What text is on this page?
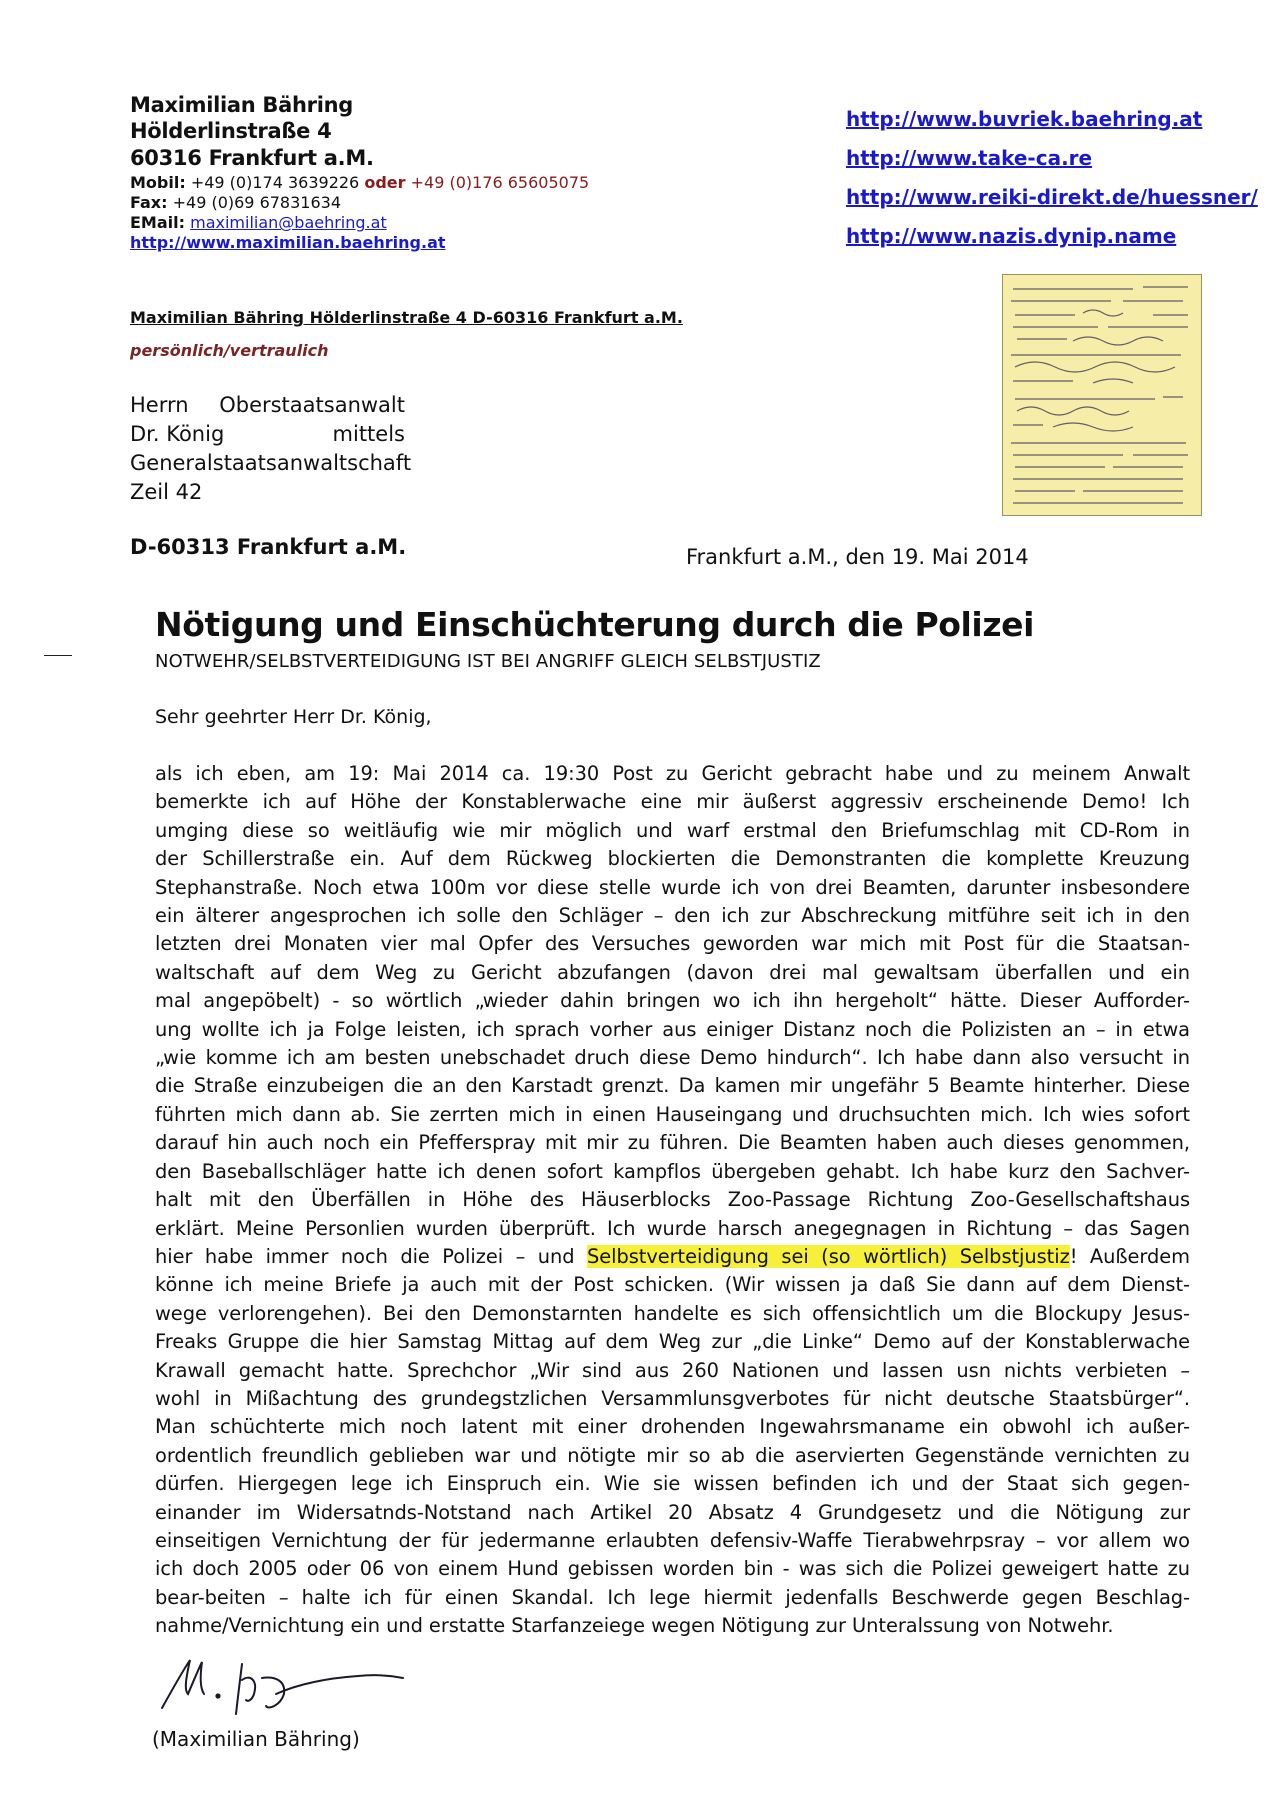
Maximilian Bähring
Hölderlinstraße 4
60316 Frankfurt a.M.
Mobil: +49 (0)174 3639226 oder +49 (0)176 65605075
Fax: +49 (0)69 67831634
EMail: maximilian@baehring.at
http://www.maximilian.baehring.at
http://www.buvriek.baehring.at
http://www.take-ca.re
http://www.reiki-direkt.de/huessner/
http://www.nazis.dynip.name
Maximilian Bähring Hölderlinstraße 4 D-60316 Frankfurt a.M.
persönlich/vertraulich
Herrn Oberstaatsanwalt
Dr. König	mittels
Generalstaatsanwaltschaft
Zeil 42
D-60313 Frankfurt a.M.	Frankfurt a.M., den 19. Mai 2014
Nötigung und Einschüchterung durch die Polizei
NOTWEHR/SELBSTVERTEIDIGUNG IST BEI ANGRIFF GLEICH SELBSTJUSTIZ
Sehr geehrter Herr Dr. König,
als ich eben, am 19: Mai 2014 ca. 19:30 Post zu Gericht gebracht habe und zu meinem Anwalt
bemerkte ich auf Höhe der Konstablerwache eine mir äußerst aggressiv erscheinende Demo! Ich
umging diese so weitläufig wie mir möglich und warf erstmal den Briefumschlag mit CD-Rom in
der Schillerstraße ein. Auf dem Rückweg blockierten die Demonstranten die komplette Kreuzung
Stephanstraße. Noch etwa 100m vor diese stelle wurde ich von drei Beamten, darunter insbesondere
ein älterer angesprochen ich solle den Schläger – den ich zur Abschreckung mitführe seit ich in den
letzten drei Monaten vier mal Opfer des Versuches geworden war mich mit Post für die Staatsan-
waltschaft auf dem Weg zu Gericht abzufangen (davon drei mal gewaltsam überfallen und ein
mal angepöbelt) - so wörtlich „wieder dahin bringen wo ich ihn hergeholt“ hätte. Dieser Aufforder-
ung wollte ich ja Folge leisten, ich sprach vorher aus einiger Distanz noch die Polizisten an – in etwa
„wie komme ich am besten unebschadet druch diese Demo hindurch“. Ich habe dann also versucht in
die Straße einzubeigen die an den Karstadt grenzt. Da kamen mir ungefähr 5 Beamte hinterher. Diese
führten mich dann ab. Sie zerrten mich in einen Hauseingang und druchsuchten mich. Ich wies sofort
darauf hin auch noch ein Pfefferspray mit mir zu führen. Die Beamten haben auch dieses genommen,
den Baseballschläger hatte ich denen sofort kampflos übergeben gehabt. Ich habe kurz den Sachver-
halt mit den Überfällen in Höhe des Häuserblocks Zoo-Passage Richtung Zoo-Gesellschaftshaus
erklärt. Meine Personlien wurden überprüft. Ich wurde harsch anegegnagen in Richtung – das Sagen
hier habe immer noch die Polizei – und Selbstverteidigung sei (so wörtlich) Selbstjustiz! Außerdem
könne ich meine Briefe ja auch mit der Post schicken. (Wir wissen ja daß Sie dann auf dem Dienst-
wege verlorengehen). Bei den Demonstarnten handelte es sich offensichtlich um die Blockupy Jesus-
Freaks Gruppe die hier Samstag Mittag auf dem Weg zur „die Linke“ Demo auf der Konstablerwache
Krawall gemacht hatte. Sprechchor „Wir sind aus 260 Nationen und lassen usn nichts verbieten –
wohl in Mißachtung des grundegstzlichen Versammlunsgverbotes für nicht deutsche Staatsbürger“.
Man schüchterte mich noch latent mit einer drohenden Ingewahrsmaname ein obwohl ich außer-
ordentlich freundlich geblieben war und nötigte mir so ab die aservierten Gegenstände vernichten zu
dürfen. Hiergegen lege ich Einspruch ein. Wie sie wissen befinden ich und der Staat sich gegen-
einander im Widersatnds-Notstand nach Artikel 20 Absatz 4 Grundgesetz und die Nötigung zur
einseitigen Vernichtung der für jedermanne erlaubten defensiv-Waffe Tierabwehrpsray – vor allem wo
ich doch 2005 oder 06 von einem Hund gebissen worden bin - was sich die Polizei geweigert hatte zu
bear-beiten – halte ich für einen Skandal. Ich lege hiermit jedenfalls Beschwerde gegen Beschlag-
nahme/Vernichtung ein und erstatte Starfanzeiege wegen Nötigung zur Unteralssung von Notwehr.
(Maximilian Bähring)
